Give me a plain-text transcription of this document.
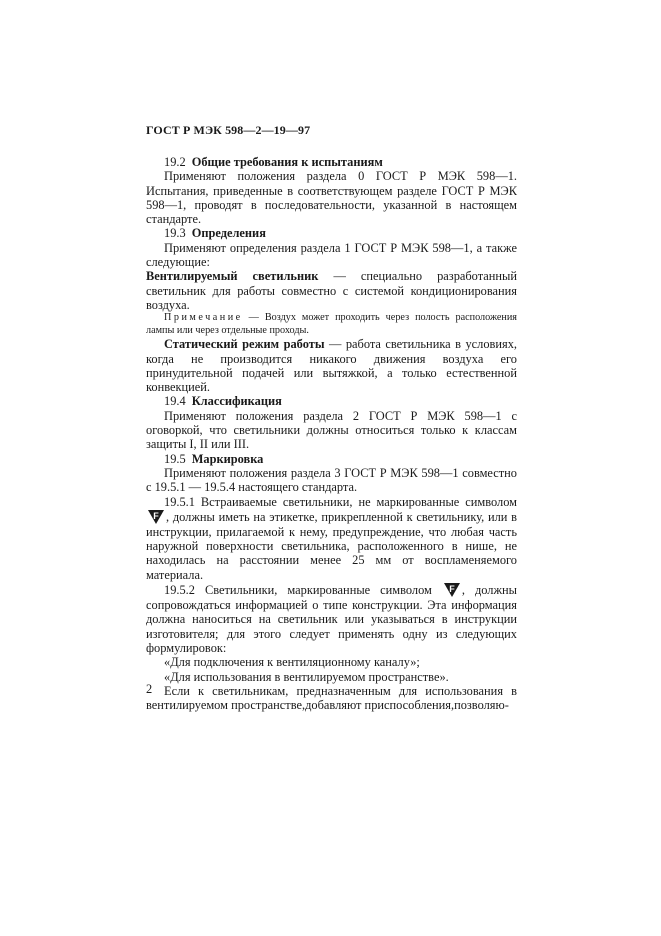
ГОСТ Р МЭК 598—2—19—97

19.2 Общие требования к испытаниям

Применяют положения раздела 0 ГОСТ Р МЭК 598—1. Испытания, приведенные в соответствующем разделе ГОСТ Р МЭК 598—1, проводят в последовательности, указанной в настоящем стандарте.

19.3 Определения

Применяют определения раздела 1 ГОСТ Р МЭК 598—1, а также следующие:

Вентилируемый светильник — специально разработанный светильник для работы совместно с системой кондиционирования воздуха.

Примечание — Воздух может проходить через полость расположения лампы или через отдельные проходы.

Статический режим работы — работа светильника в условиях, когда не производится никакого движения воздуха его принудительной подачей или вытяжкой, а только естественной конвекцией.

19.4 Классификация

Применяют положения раздела 2 ГОСТ Р МЭК 598—1 с оговоркой, что светильники должны относиться только к классам защиты I, II или III.

19.5 Маркировка

Применяют положения раздела 3 ГОСТ Р МЭК 598—1 совместно с 19.5.1 — 19.5.4 настоящего стандарта.

19.5.1 Встраиваемые светильники, не маркированные символом
F , должны иметь на этикетке, прикрепленной к светильнику, или в инструкции, прилагаемой к нему, предупреждение, что любая часть наружной поверхности светильника, расположенного в нише, не находилась на расстоянии менее 25 мм от воспламеняемого материала.

19.5.2 Светильники, маркированные символом F , должны сопровождаться информацией о типе конструкции. Эта информация должна наноситься на светильник или указываться в инструкции изготовителя; для этого следует применять одну из следующих формулировок:

«Для подключения к вентиляционному каналу»;

«Для использования в вентилируемом пространстве».

Если к светильникам, предназначенным для использования в вентилируемом пространстве,добавляют приспособления,позволяю-

2
